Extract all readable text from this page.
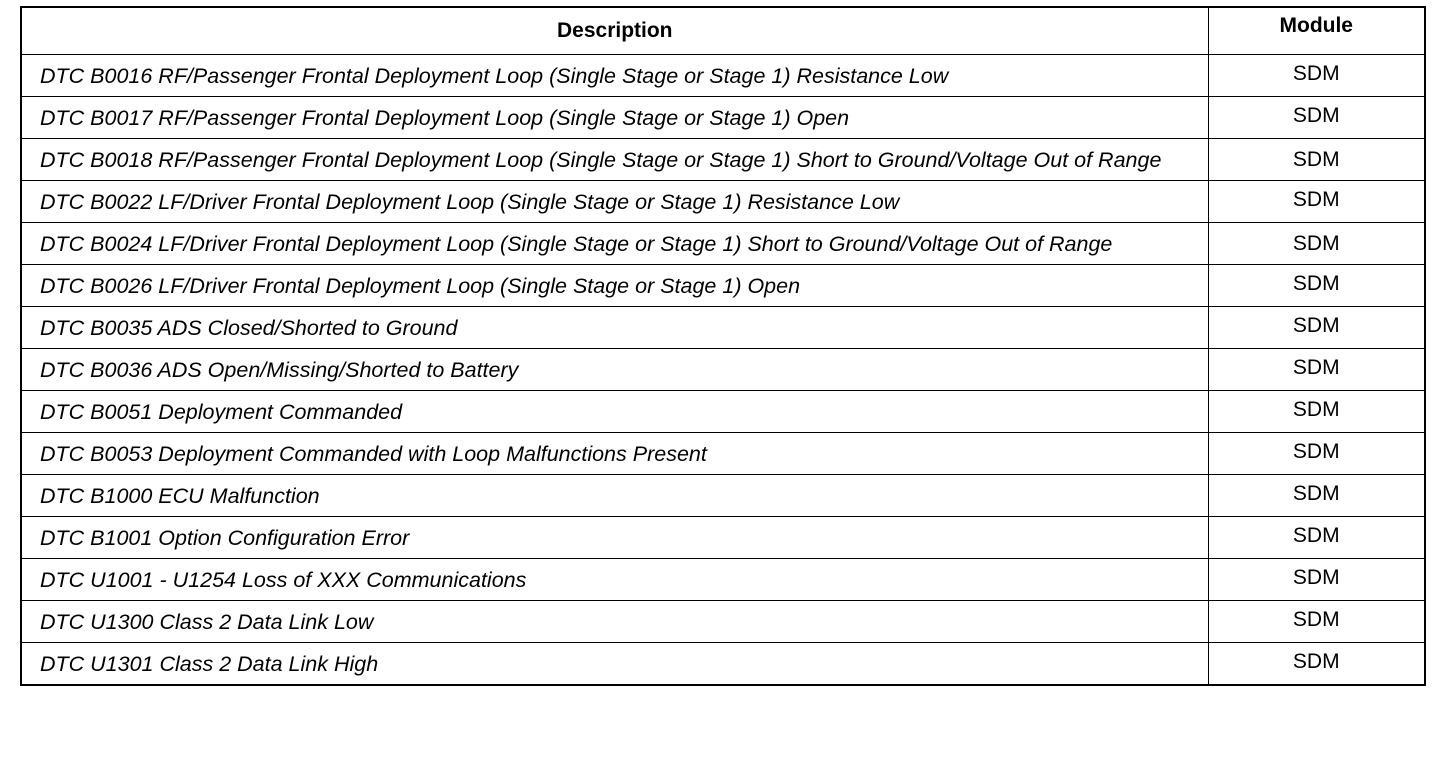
Description	Module
DTC B0016 RF/Passenger Frontal Deployment Loop (Single Stage or Stage 1) Resistance Low	SDM
DTC B0017 RF/Passenger Frontal Deployment Loop (Single Stage or Stage 1) Open	SDM
DTC B0018 RF/Passenger Frontal Deployment Loop (Single Stage or Stage 1) Short to Ground/Voltage Out of Range	SDM
DTC B0022 LF/Driver Frontal Deployment Loop (Single Stage or Stage 1) Resistance Low	SDM
DTC B0024 LF/Driver Frontal Deployment Loop (Single Stage or Stage 1) Short to Ground/Voltage Out of Range	SDM
DTC B0026 LF/Driver Frontal Deployment Loop (Single Stage or Stage 1) Open	SDM
DTC B0035 ADS Closed/Shorted to Ground	SDM
DTC B0036 ADS Open/Missing/Shorted to Battery	SDM
DTC B0051 Deployment Commanded	SDM
DTC B0053 Deployment Commanded with Loop Malfunctions Present	SDM
DTC B1000 ECU Malfunction	SDM
DTC B1001 Option Configuration Error	SDM
DTC U1001 - U1254 Loss of XXX Communications	SDM
DTC U1300 Class 2 Data Link Low	SDM
DTC U1301 Class 2 Data Link High	SDM
